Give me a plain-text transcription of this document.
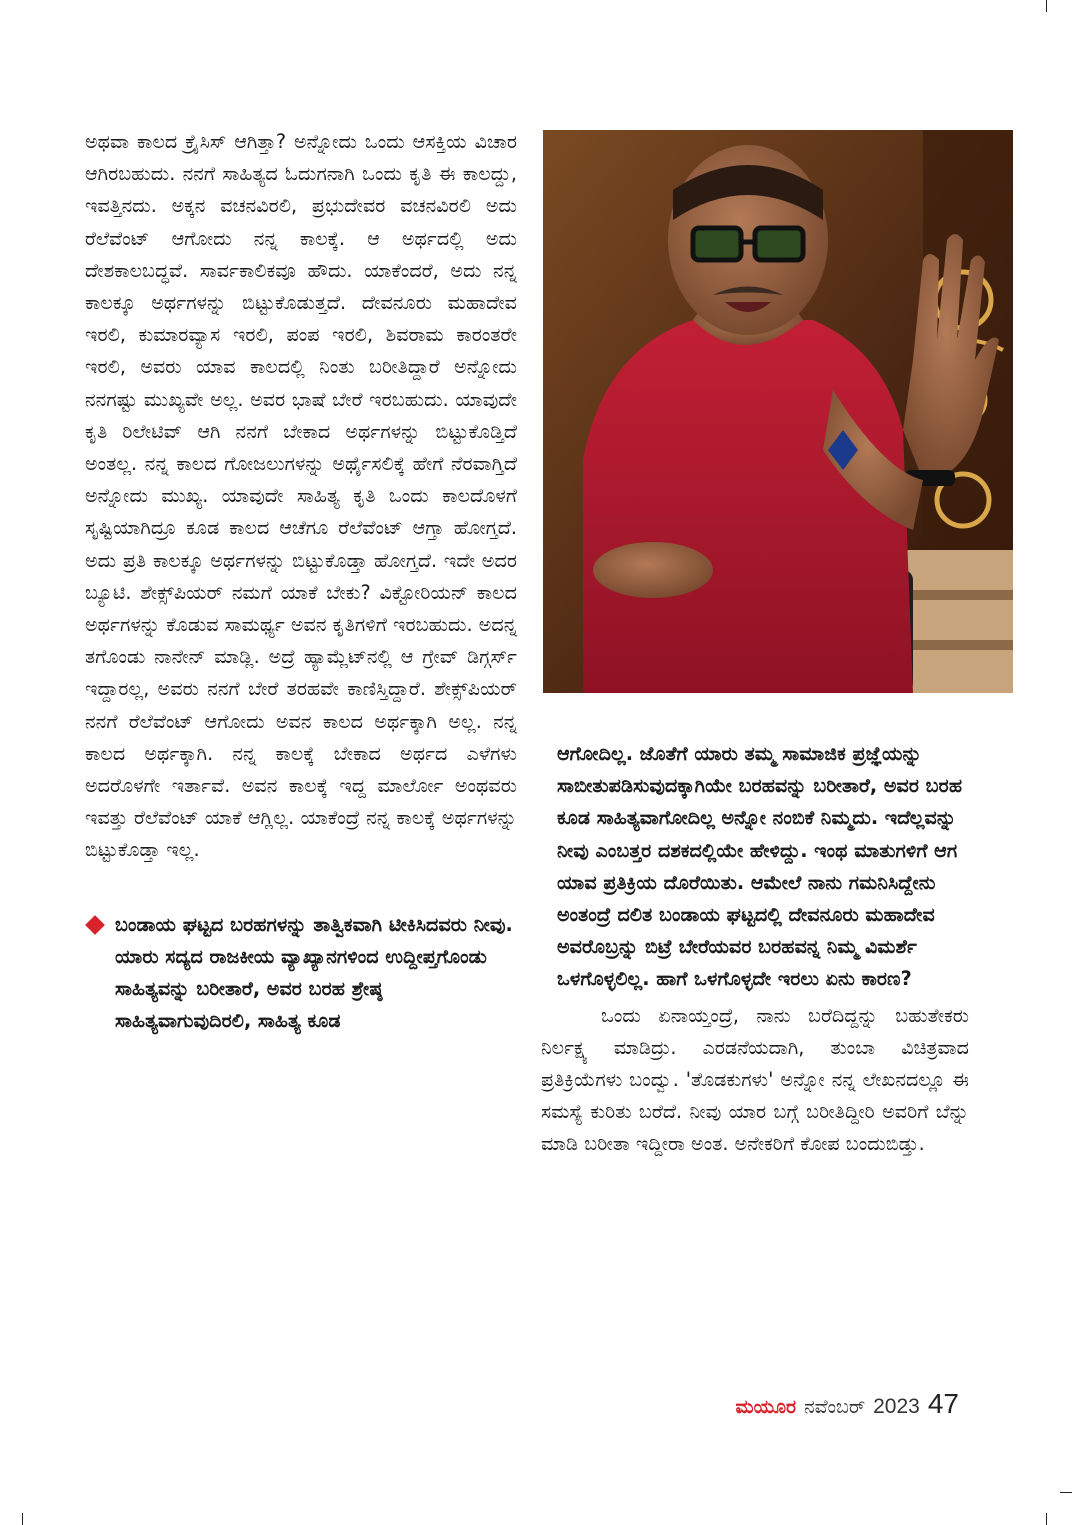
ಅಥವಾ ಕಾಲದ ಕ್ರೈಸಿಸ್ ಆಗಿತ್ತಾ? ಅನ್ನೋದು ಒಂದು ಆಸಕ್ತಿಯ ವಿಚಾರ ಆಗಿರಬಹುದು. ನನಗೆ ಸಾಹಿತ್ಯದ ಓದುಗನಾಗಿ ಒಂದು ಕೃತಿ ಈ ಕಾಲದ್ದು, ಇವತ್ತಿನದು. ಅಕ್ಕನ ವಚನವಿರಲಿ, ಪ್ರಭುದೇವರ ವಚನವಿರಲಿ ಅದು ರೆಲೆವೆಂಟ್ ಆಗೋದು ನನ್ನ ಕಾಲಕ್ಕೆ. ಆ ಅರ್ಥದಲ್ಲಿ ಅದು ದೇಶಕಾಲಬದ್ಧವೆ. ಸಾರ್ವಕಾಲಿಕವೂ ಹೌದು. ಯಾಕೆಂದರೆ, ಅದು ನನ್ನ ಕಾಲಕ್ಕೂ ಅರ್ಥಗಳನ್ನು ಬಿಟ್ಟುಕೊಡುತ್ತದೆ. ದೇವನೂರು ಮಹಾದೇವ ಇರಲಿ, ಕುಮಾರವ್ಯಾಸ ಇರಲಿ, ಪಂಪ ಇರಲಿ, ಶಿವರಾಮ ಕಾರಂತರೇ ಇರಲಿ, ಅವರು ಯಾವ ಕಾಲದಲ್ಲಿ ನಿಂತು ಬರೀತಿದ್ದಾರೆ ಅನ್ನೋದು ನನಗಷ್ಟು ಮುಖ್ಯವೇ ಅಲ್ಲ. ಅವರ ಭಾಷೆ ಬೇರೆ ಇರಬಹುದು. ಯಾವುದೇ ಕೃತಿ ರಿಲೇಟಿವ್ ಆಗಿ ನನಗೆ ಬೇಕಾದ ಅರ್ಥಗಳನ್ನು ಬಿಟ್ಟುಕೊಡ್ತಿದೆ ಅಂತಲ್ಲ. ನನ್ನ ಕಾಲದ ಗೋಜಲುಗಳನ್ನು ಅರ್ಥೈಸಲಿಕ್ಕೆ ಹೇಗೆ ನೆರವಾಗ್ತಿದೆ ಅನ್ನೋದು ಮುಖ್ಯ. ಯಾವುದೇ ಸಾಹಿತ್ಯ ಕೃತಿ ಒಂದು ಕಾಲದೊಳಗೆ ಸೃಷ್ಟಿಯಾಗಿದ್ರೂ ಕೂಡ ಕಾಲದ ಆಚೆಗೂ ರೆಲೆವೆಂಟ್ ಆಗ್ತಾ ಹೋಗ್ತದೆ. ಅದು ಪ್ರತಿ ಕಾಲಕ್ಕೂ ಅರ್ಥಗಳನ್ನು ಬಿಟ್ಟುಕೊಡ್ತಾ ಹೋಗ್ತದೆ. ಇದೇ ಅದರ ಬ್ಯೂಟಿ. ಶೇಕ್ಸ್‌ಪಿಯರ್ ನಮಗೆ ಯಾಕೆ ಬೇಕು? ವಿಕ್ಟೋರಿಯನ್ ಕಾಲದ ಅರ್ಥಗಳನ್ನು ಕೊಡುವ ಸಾಮರ್ಥ್ಯ ಅವನ ಕೃತಿಗಳಿಗೆ ಇರಬಹುದು. ಅದನ್ನ ತಗೊಂಡು ನಾನೇನ್ ಮಾಡ್ಲಿ. ಅದ್ರೆ ಹ್ಯಾಮ್ಲೆಟ್‌ನಲ್ಲಿ ಆ ಗ್ರೇವ್ ಡಿಗ್ಗರ್ಸ್ ಇದ್ದಾರಲ್ಲ, ಅವರು ನನಗೆ ಬೇರೆ ತರಹವೇ ಕಾಣಿಸ್ತಿದ್ದಾರೆ. ಶೇಕ್ಸ್‌ಪಿಯರ್ ನನಗೆ ರೆಲೆವೆಂಟ್ ಆಗೋದು ಅವನ ಕಾಲದ ಅರ್ಥಕ್ಕಾಗಿ ಅಲ್ಲ. ನನ್ನ ಕಾಲದ ಅರ್ಥಕ್ಕಾಗಿ. ನನ್ನ ಕಾಲಕ್ಕೆ ಬೇಕಾದ ಅರ್ಥದ ಎಳೆಗಳು ಅದರೊಳಗೇ ಇರ್ತಾವೆ. ಅವನ ಕಾಲಕ್ಕೆ ಇದ್ದ ಮಾರ್ಲೋ ಅಂಥವರು ಇವತ್ತು ರೆಲೆವೆಂಟ್ ಯಾಕೆ ಆಗ್ಲಿಲ್ಲ. ಯಾಕೆಂದ್ರೆ ನನ್ನ ಕಾಲಕ್ಕೆ ಅರ್ಥಗಳನ್ನು ಬಿಟ್ಟುಕೊಡ್ತಾ ಇಲ್ಲ.

ಬಂಡಾಯ ಘಟ್ಟದ ಬರಹಗಳನ್ನು ತಾತ್ವಿಕವಾಗಿ ಟೀಕಿಸಿದವರು ನೀವು. ಯಾರು ಸದ್ಯದ ರಾಜಕೀಯ ವ್ಯಾಖ್ಯಾನಗಳಿಂದ ಉದ್ದೀಪ್ತಗೊಂಡು ಸಾಹಿತ್ಯವನ್ನು ಬರೀತಾರೆ, ಅವರ ಬರಹ ಶ್ರೇಷ್ಠ ಸಾಹಿತ್ಯವಾಗುವುದಿರಲಿ, ಸಾಹಿತ್ಯ ಕೂಡ

ಆಗೋದಿಲ್ಲ. ಜೊತೆಗೆ ಯಾರು ತಮ್ಮ ಸಾಮಾಜಿಕ ಪ್ರಜ್ಞೆಯನ್ನು ಸಾಬೀತುಪಡಿಸುವುದಕ್ಕಾಗಿಯೇ ಬರಹವನ್ನು ಬರೀತಾರೆ, ಅವರ ಬರಹ ಕೂಡ ಸಾಹಿತ್ಯವಾಗೋದಿಲ್ಲ ಅನ್ನೋ ನಂಬಿಕೆ ನಿಮ್ಮದು. ಇದೆಲ್ಲವನ್ನು ನೀವು ಎಂಬತ್ತರ ದಶಕದಲ್ಲಿಯೇ ಹೇಳಿದ್ದು. ಇಂಥ ಮಾತುಗಳಿಗೆ ಆಗ ಯಾವ ಪ್ರತಿಕ್ರಿಯ ದೊರೆಯಿತು. ಆಮೇಲೆ ನಾನು ಗಮನಿಸಿದ್ದೇನು ಅಂತಂದ್ರೆ ದಲಿತ ಬಂಡಾಯ ಘಟ್ಟದಲ್ಲಿ ದೇವನೂರು ಮಹಾದೇವ ಅವರೊಬ್ರನ್ನು ಬಿಟ್ರೆ ಬೇರೆಯವರ ಬರಹವನ್ನ ನಿಮ್ಮ ವಿಮರ್ಶೆ ಒಳಗೊಳ್ಳಲಿಲ್ಲ. ಹಾಗೆ ಒಳಗೊಳ್ಳದೇ ಇರಲು ಏನು ಕಾರಣ?

ಒಂದು ಏನಾಯ್ತಂದ್ರೆ, ನಾನು ಬರೆದಿದ್ದನ್ನು ಬಹುತೇಕರು ನಿರ್ಲಕ್ಷ್ಯ ಮಾಡಿದ್ರು. ಎರಡನೆಯದಾಗಿ, ತುಂಬಾ ವಿಚಿತ್ರವಾದ ಪ್ರತಿಕ್ರಿಯೆಗಳು ಬಂದ್ವು. 'ತೊಡಕುಗಳು' ಅನ್ನೋ ನನ್ನ ಲೇಖನದಲ್ಲೂ ಈ ಸಮಸ್ಯೆ ಕುರಿತು ಬರೆದೆ. ನೀವು ಯಾರ ಬಗ್ಗೆ ಬರೀತಿದ್ದೀರಿ ಅವರಿಗೆ ಬೆನ್ನು ಮಾಡಿ ಬರೀತಾ ಇದ್ದೀರಾ ಅಂತ. ಅನೇಕರಿಗೆ ಕೋಪ ಬಂದುಬಿಡ್ತು.

ಮಯೂರ ನವೆಂಬರ್ 2023 47
